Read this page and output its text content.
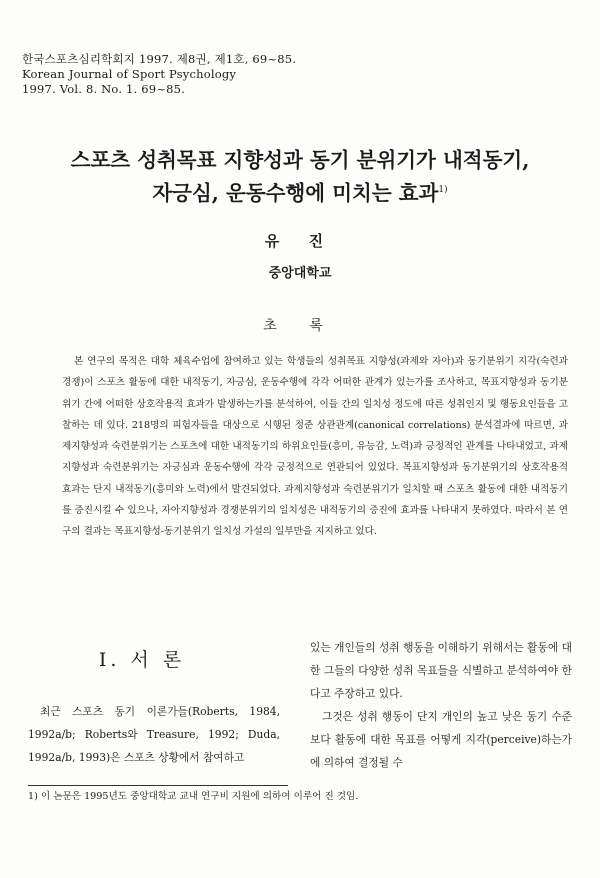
한국스포츠심리학회지 1997. 제8권, 제1호, 69~85.
Korean Journal of Sport Psychology
1997. Vol. 8. No. 1. 69~85.
스포츠 성취목표 지향성과 동기 분위기가 내적동기,
자긍심, 운동수행에 미치는 효과$^{1)}$
유 진
중앙대학교
초 록

본 연구의 목적은 대학 체육수업에 참여하고 있는 학생들의 성취목표 지향성(과제와 자아)과 동기분위기 지각(숙련과 경쟁)이 스포츠 활동에 대한 내적동기, 자긍심, 운동수행에 각각 어떠한 관계가 있는가를 조사하고, 목표지향성과 동기분위기 간에 어떠한 상호작용적 효과가 발생하는가를 분석하여, 이들 간의 일치성 정도에 따른 성취인지 및 행동요인들을 고찰하는 데 있다. 218명의 피험자들을 대상으로 시행된 정준 상관관계(canonical correlations) 분석결과에 따르면, 과제지향성과 숙련분위기는 스포츠에 대한 내적동기의 하위요인들(흥미, 유능감, 노력)과 긍정적인 관계를 나타내었고, 과제지향성과 숙련분위기는 자긍심과 운동수행에 각각 긍정적으로 연관되어 있었다. 목표지향성과 동기분위기의 상호작용적 효과는 단지 내적동기(흥미와 노력)에서 발견되었다. 과제지향성과 숙련분위기가 일치할 때 스포츠 활동에 대한 내적동기를 증진시킬 수 있으나, 자아지향성과 경쟁분위기의 일치성은 내적동기의 증진에 효과를 나타내지 못하였다. 따라서 본 연구의 결과는 목표지향성-동기분위기 일치성 가설의 일부만을 지지하고 있다.

I. 서 론

최근 스포츠 동기 이론가들(Roberts, 1984, 1992a/b; Roberts와 Treasure, 1992; Duda, 1992a/b, 1993)은 스포츠 상황에서 참여하고

있는 개인들의 성취 행동을 이해하기 위해서는 활동에 대한 그들의 다양한 성취 목표들을 식별하고 분석하여야 한다고 주장하고 있다.

그것은 성취 행동이 단지 개인의 높고 낮은 동기 수준 보다 활동에 대한 목표를 어떻게 지각(perceive)하는가에 의하여 결정될 수

1) 이 논문은 1995년도 중앙대학교 교내 연구비 지원에 의하여 이루어 진 것임.
